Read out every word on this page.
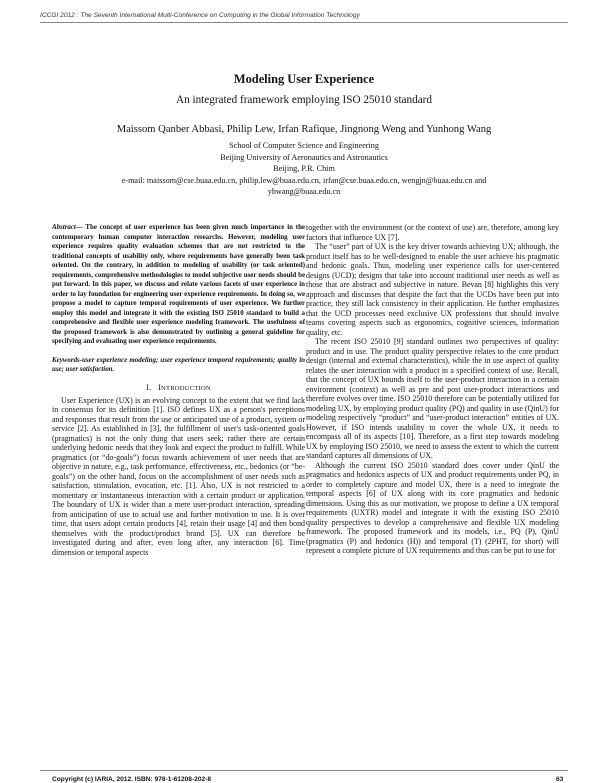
ICCGI 2012 : The Seventh International Multi-Conference on Computing in the Global Information Technology
Modeling User Experience
An integrated framework employing ISO 25010 standard
Maissom Qanber Abbasi, Philip Lew, Irfan Rafique, Jingnong Weng and Yunhong Wang
School of Computer Science and Engineering
Beijing University of Aeronautics and Astronautics
Beijing, P.R. Chim
e-mail: maissom@cse.buaa.edu.cn, philip.lew@buaa.edu.cn, irfan@cse.buaa.edu.cn, wengjn@buaa.edu.cn and
yhwang@buaa.edu.cn

Abstract— The concept of user experience has been given much importance in the contemporary human computer interaction researchs. However, modeling user experience requires quality evaluation schemes that are not restricted to the traditional concepts of usability only, where requirements have generally been task oriented. On the contrary, in addition to modeling of usability (or task oriented) requirements, comprehensive methodologies to model subjective user needs should be put forward. In this paper, we discuss and relate various facets of user experience in order to lay foundation for engineering user experience requirements. In doing so, we propose a model to capture temporal requirements of user experience. We further employ this model and integrate it with the existing ISO 25010 standard to build a comprehensive and flexible user experience modeling framework. The usefulness of the proposed framework is also demonstrated by outlining a general guideline for specifying and evaluating user experience requirements.

Keywords-user experience modeling; user experience temporal requirements; quality in use; user satisfaction.

I. INTRODUCTION

User Experience (UX) is an evolving concept to the extent that we find lack in consensus for its definition [1]. ISO defines UX as a person's perceptions and responses that result from the use or anticipated use of a product, system or service [2]. As established in [3], the fulfillment of user's task-oriented goals (pragmatics) is not the only thing that users seek; rather there are certain underlying hedonic needs that they look and expect the product to fulfill. While pragmatics (or “do-goals”) focus towards achievement of user needs that are objective in nature, e.g., task performance, effectiveness, etc., hedonics (or “be-goals”) on the other hand, focus on the accomplishment of user needs such as satisfaction, stimulation, evocation, etc. [1]. Also, UX is not restricted to a momentary or instantaneous interaction with a certain product or application. The boundary of UX is wider than a mere user-product interaction, spreading from anticipation of use to actual use and further motivation to use. It is over time, that users adopt certain products [4], retain their usage [4] and then bond themselves with the product/product brand [5]. UX can therefore be investigated during and after, even long after, any interaction [6]. Time dimension or temporal aspects

together with the environment (or the context of use) are, therefore, among key factors that influence UX [7].

The “user” part of UX is the key driver towards achieving UX; although, the product itself has to be well-designed to enable the user achieve his pragmatic and hedonic goals. Thus, modeling user experience calls for user-centered designs (UCD); designs that take into account traditional user needs as well as those that are abstract and subjective in nature. Bevan [8] highlights this very approach and discusses that despite the fact that the UCDs have been put into practice, they still lack consistency in their application. He further emphasizes that the UCD processes need exclusive UX professions that should involve teams covering aspects such as ergonomics, cognitive sciences, information quality, etc.

The recent ISO 25010 [9] standard outlines two perspectives of quality: product and in use. The product quality perspective relates to the core product design (internal and external characteristics), while the in use aspect of quality relates the user interaction with a product in a specified context of use. Recall, that the concept of UX bounds itself to the user-product interaction in a certain environment (context) as well as pre and post user-product interactions and therefore evolves over time. ISO 25010 therefore can be potentially utilized for modeling UX, by employing product quality (PQ) and quality in use (QinU) for modeling respectively “product” and “user-product interaction” entities of UX. However, if ISO intends usability to cover the whole UX, it needs to encompass all of its aspects [10]. Therefore, as a first step towards modeling UX by employing ISO 25010, we need to assess the extent to which the current standard captures all dimensions of UX.

Although the current ISO 25010 standard does cover under QinU the pragmatics and hedonics aspects of UX and product requirements under PQ, in order to completely capture and model UX, there is a need to integrate the temporal aspects [6] of UX along with its core pragmatics and hedonic dimensions. Using this as our motivation, we propose to define a UX temporal requirements (UXTR) model and integrate it with the existing ISO 25010 quality perspectives to develop a comprehensive and flexible UX modeling framework. The proposed framework and its models, i.e., PQ (P), QinU (pragmatics (P) and hedonics (H)) and temporal (T) (2PHT, for short) will represent a complete picture of UX requirements and thus can be put to use for

Copyright (c) IARIA, 2012. ISBN: 978-1-61208-202-8	63
